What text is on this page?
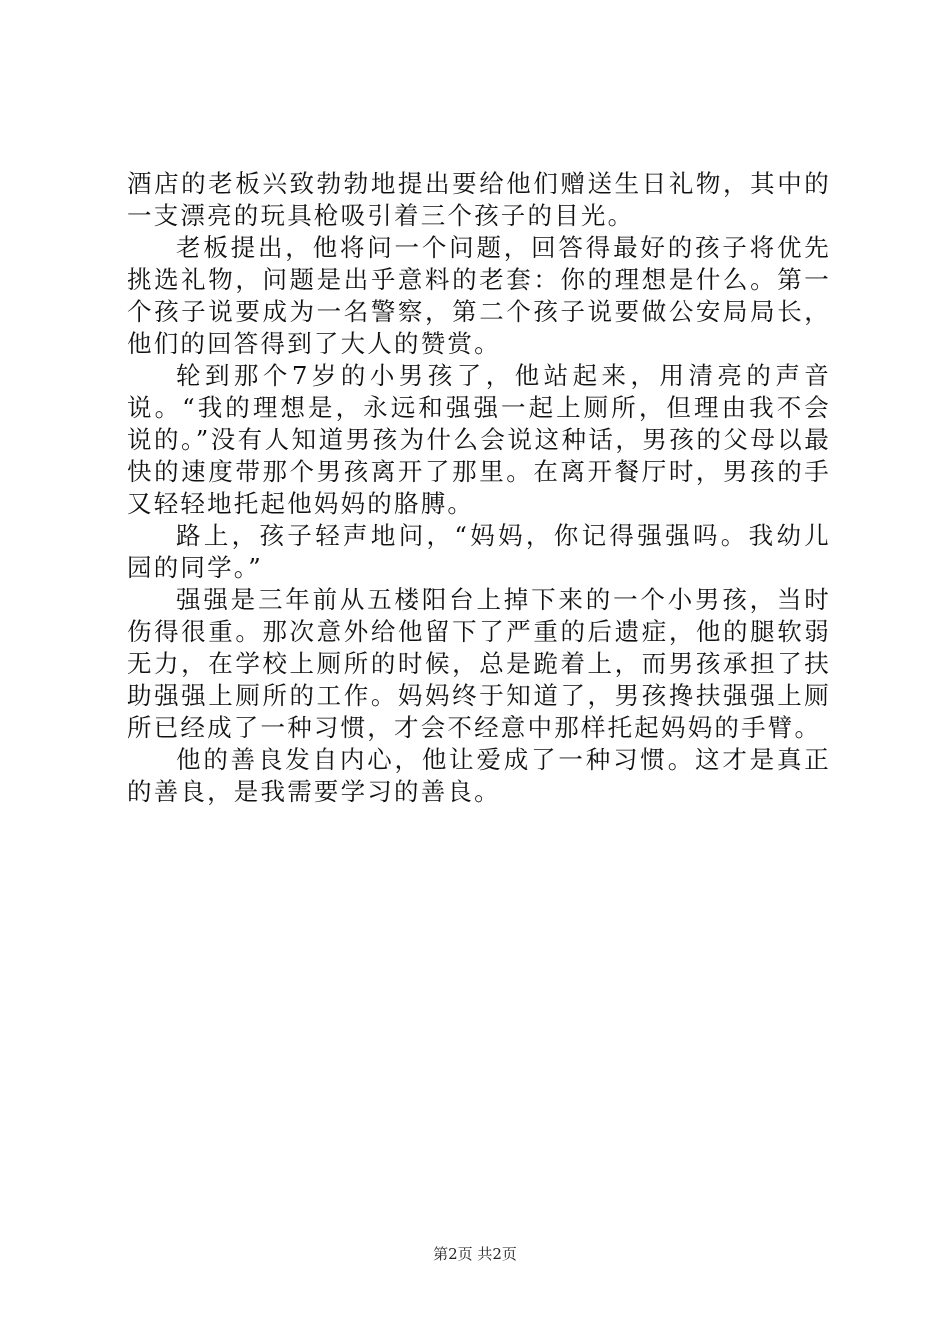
酒店的老板兴致勃勃地提出要给他们赠送生日礼物，其中的一支漂亮的玩具枪吸引着三个孩子的目光。

老板提出，他将问一个问题，回答得最好的孩子将优先挑选礼物，问题是出乎意料的老套：你的理想是什么。第一个孩子说要成为一名警察，第二个孩子说要做公安局局长，他们的回答得到了大人的赞赏。

轮到那个7岁的小男孩了，他站起来，用清亮的声音说。“我的理想是，永远和强强一起上厕所，但理由我不会说的。”没有人知道男孩为什么会说这种话，男孩的父母以最快的速度带那个男孩离开了那里。在离开餐厅时，男孩的手又轻轻地托起他妈妈的胳膊。

路上，孩子轻声地问，“妈妈，你记得强强吗。我幼儿园的同学。”

强强是三年前从五楼阳台上掉下来的一个小男孩，当时伤得很重。那次意外给他留下了严重的后遗症，他的腿软弱无力，在学校上厕所的时候，总是跪着上，而男孩承担了扶助强强上厕所的工作。妈妈终于知道了，男孩搀扶强强上厕所已经成了一种习惯，才会不经意中那样托起妈妈的手臂。

他的善良发自内心，他让爱成了一种习惯。这才是真正的善良，是我需要学习的善良。

第2页 共2页
